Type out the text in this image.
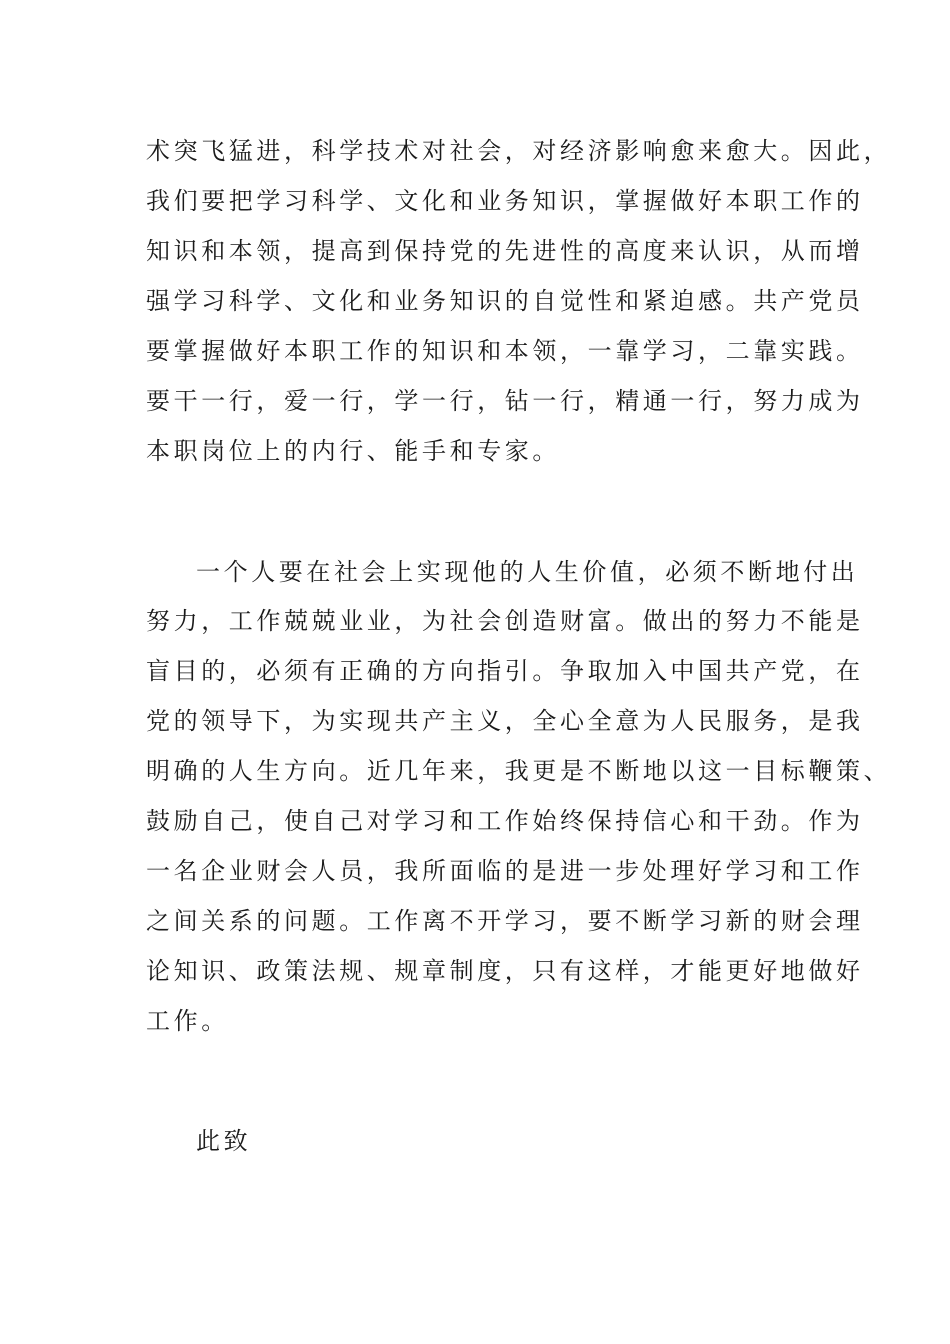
术突飞猛进，科学技术对社会，对经济影响愈来愈大。因此，

我们要把学习科学、文化和业务知识，掌握做好本职工作的

知识和本领，提高到保持党的先进性的高度来认识，从而增

强学习科学、文化和业务知识的自觉性和紧迫感。共产党员

要掌握做好本职工作的知识和本领，一靠学习，二靠实践。

要干一行，爱一行，学一行，钻一行，精通一行，努力成为

本职岗位上的内行、能手和专家。

一个人要在社会上实现他的人生价值，必须不断地付出

努力，工作兢兢业业，为社会创造财富。做出的努力不能是

盲目的，必须有正确的方向指引。争取加入中国共产党，在

党的领导下，为实现共产主义，全心全意为人民服务，是我

明确的人生方向。近几年来，我更是不断地以这一目标鞭策、

鼓励自己，使自己对学习和工作始终保持信心和干劲。作为

一名企业财会人员，我所面临的是进一步处理好学习和工作

之间关系的问题。工作离不开学习，要不断学习新的财会理

论知识、政策法规、规章制度，只有这样，才能更好地做好

工作。

此致
